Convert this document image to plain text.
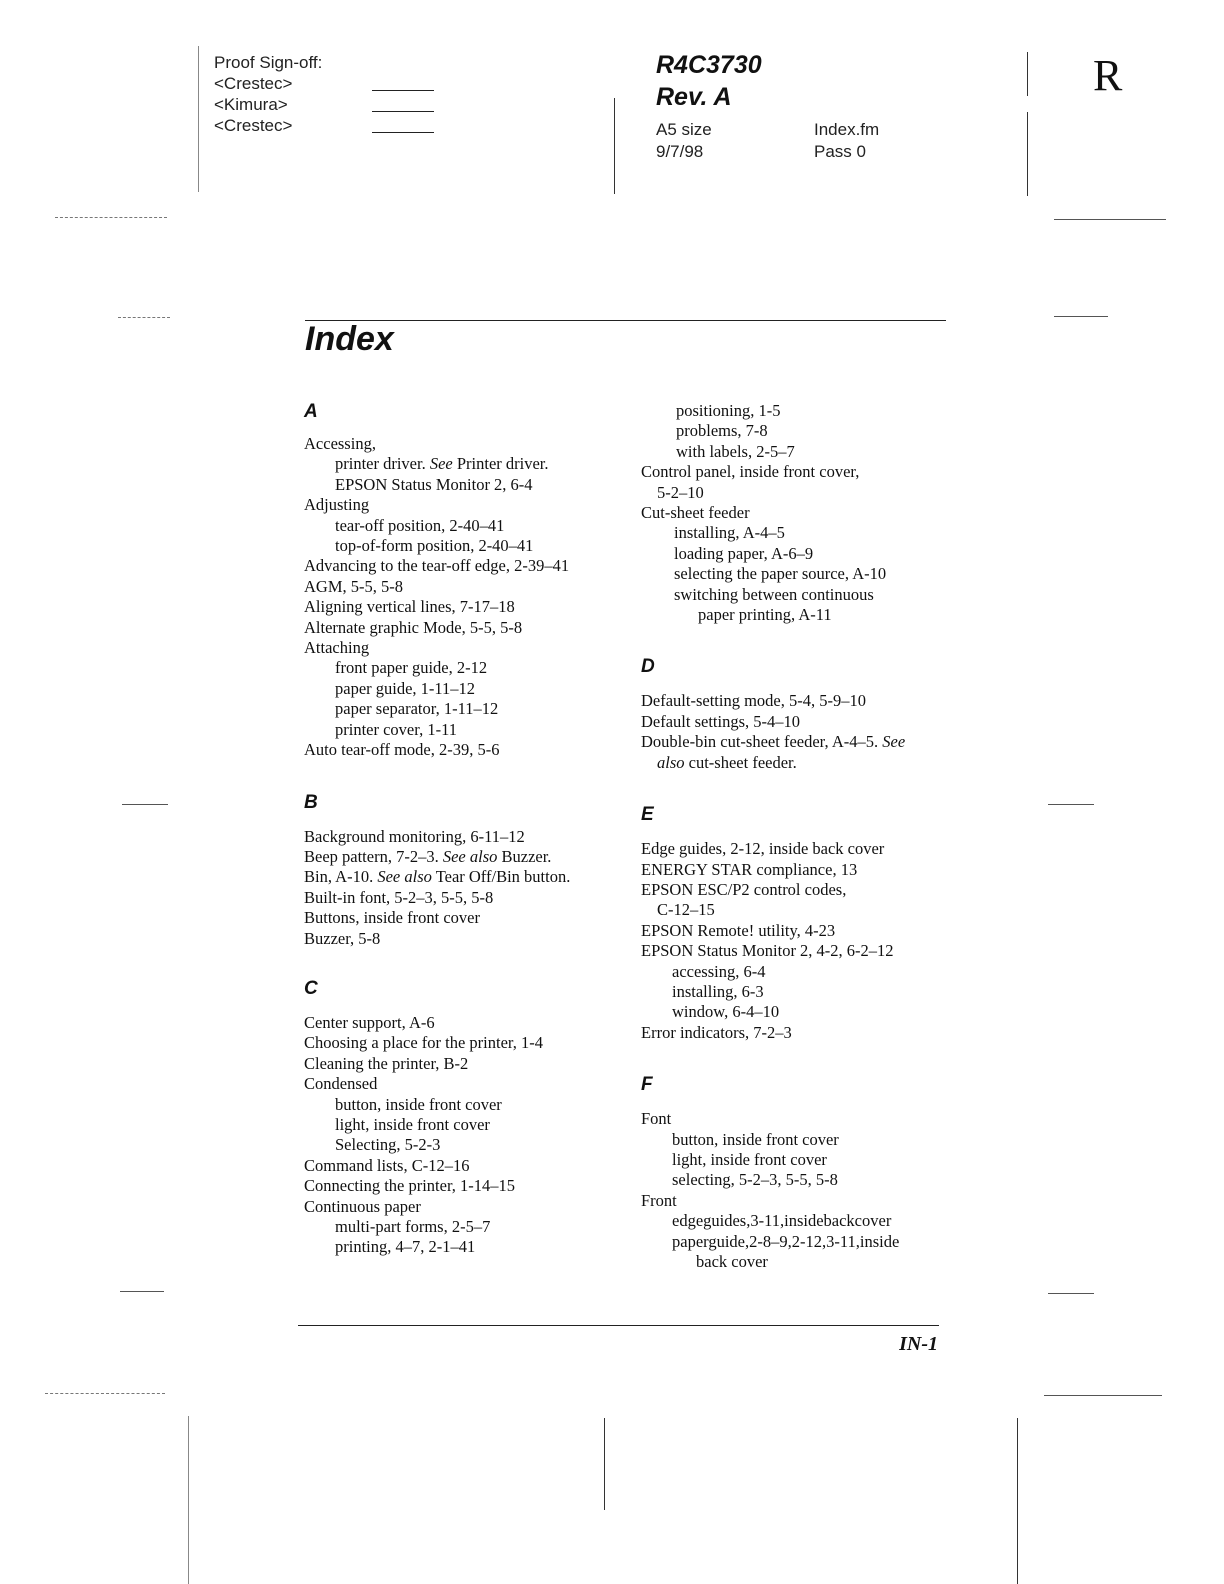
Proof Sign-off:
<Crestec>
<Kimura>
<Crestec>
R4C3730
Rev. A
A5 size
9/7/98
Index.fm
Pass 0
R
Index

A

Accessing,

printer driver. See Printer driver.

EPSON Status Monitor 2, 6-4

Adjusting

tear-off position, 2-40–41

top-of-form position, 2-40–41

Advancing to the tear-off edge, 2-39–41

AGM, 5-5, 5-8

Aligning vertical lines, 7-17–18

Alternate graphic Mode, 5-5, 5-8

Attaching

front paper guide, 2-12

paper guide, 1-11–12

paper separator, 1-11–12

printer cover, 1-11

Auto tear-off mode, 2-39, 5-6

B

Background monitoring, 6-11–12

Beep pattern, 7-2–3. See also Buzzer.

Bin, A-10. See also Tear Off/Bin button.

Built-in font, 5-2–3, 5-5, 5-8

Buttons, inside front cover

Buzzer, 5-8

C

Center support, A-6

Choosing a place for the printer, 1-4

Cleaning the printer, B-2

Condensed

button, inside front cover

light, inside front cover

Selecting, 5-2-3

Command lists, C-12–16

Connecting the printer, 1-14–15

Continuous paper

multi-part forms, 2-5–7

printing, 4–7, 2-1–41

positioning, 1-5

problems, 7-8

with labels, 2-5–7

Control panel, inside front cover,

5-2–10

Cut-sheet feeder

installing, A-4–5

loading paper, A-6–9

selecting the paper source, A-10

switching between continuous

paper printing, A-11

D

Default-setting mode, 5-4, 5-9–10

Default settings, 5-4–10

Double-bin cut-sheet feeder, A-4–5. See

also cut-sheet feeder.

E

Edge guides, 2-12, inside back cover

ENERGY STAR compliance, 13

EPSON ESC/P2 control codes,

C-12–15

EPSON Remote! utility, 4-23

EPSON Status Monitor 2, 4-2, 6-2–12

accessing, 6-4

installing, 6-3

window, 6-4–10

Error indicators, 7-2–3

F

Font

button, inside front cover

light, inside front cover

selecting, 5-2–3, 5-5, 5-8

Front

edgeguides,3-11,insidebackcover

paperguide,2-8–9,2-12,3-11,inside

back cover

IN-1
